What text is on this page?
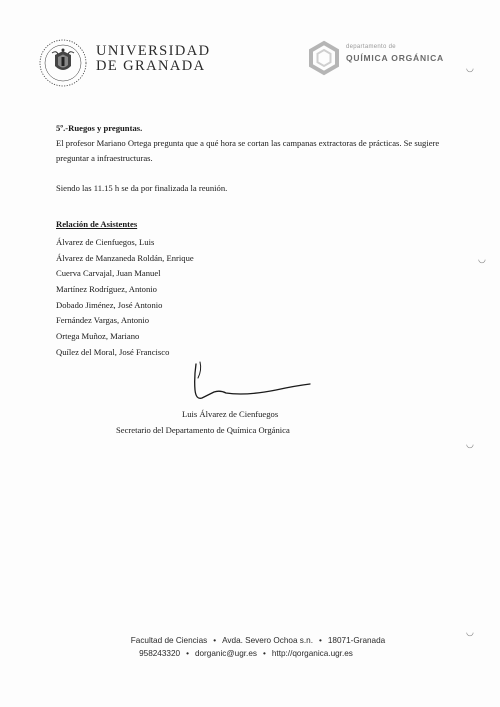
UNIVERSIDAD
DE GRANADA
departamento de
QUÍMICA ORGÁNICA
5º.-Ruegos y preguntas.
El profesor Mariano Ortega pregunta que a qué hora se cortan las campanas extractoras de prácticas. Se sugiere preguntar a infraestructuras.
Siendo las 11.15 h se da por finalizada la reunión.
Relación de Asistentes
Álvarez de Cienfuegos, Luis
Álvarez de Manzaneda Roldán, Enrique
Cuerva Carvajal, Juan Manuel
Martínez Rodríguez, Antonio
Dobado Jiménez, José Antonio
Fernández Vargas, Antonio
Ortega Muñoz, Mariano
Quílez del Moral, José Francisco
Luis Álvarez de Cienfuegos
Secretario del Departamento de Química Orgánica
Facultad de Ciencias • Avda. Severo Ochoa s.n. • 18071-Granada
958243320 • dorganic@ugr.es • http://qorganica.ugr.es
◡
◡
◡
◡
